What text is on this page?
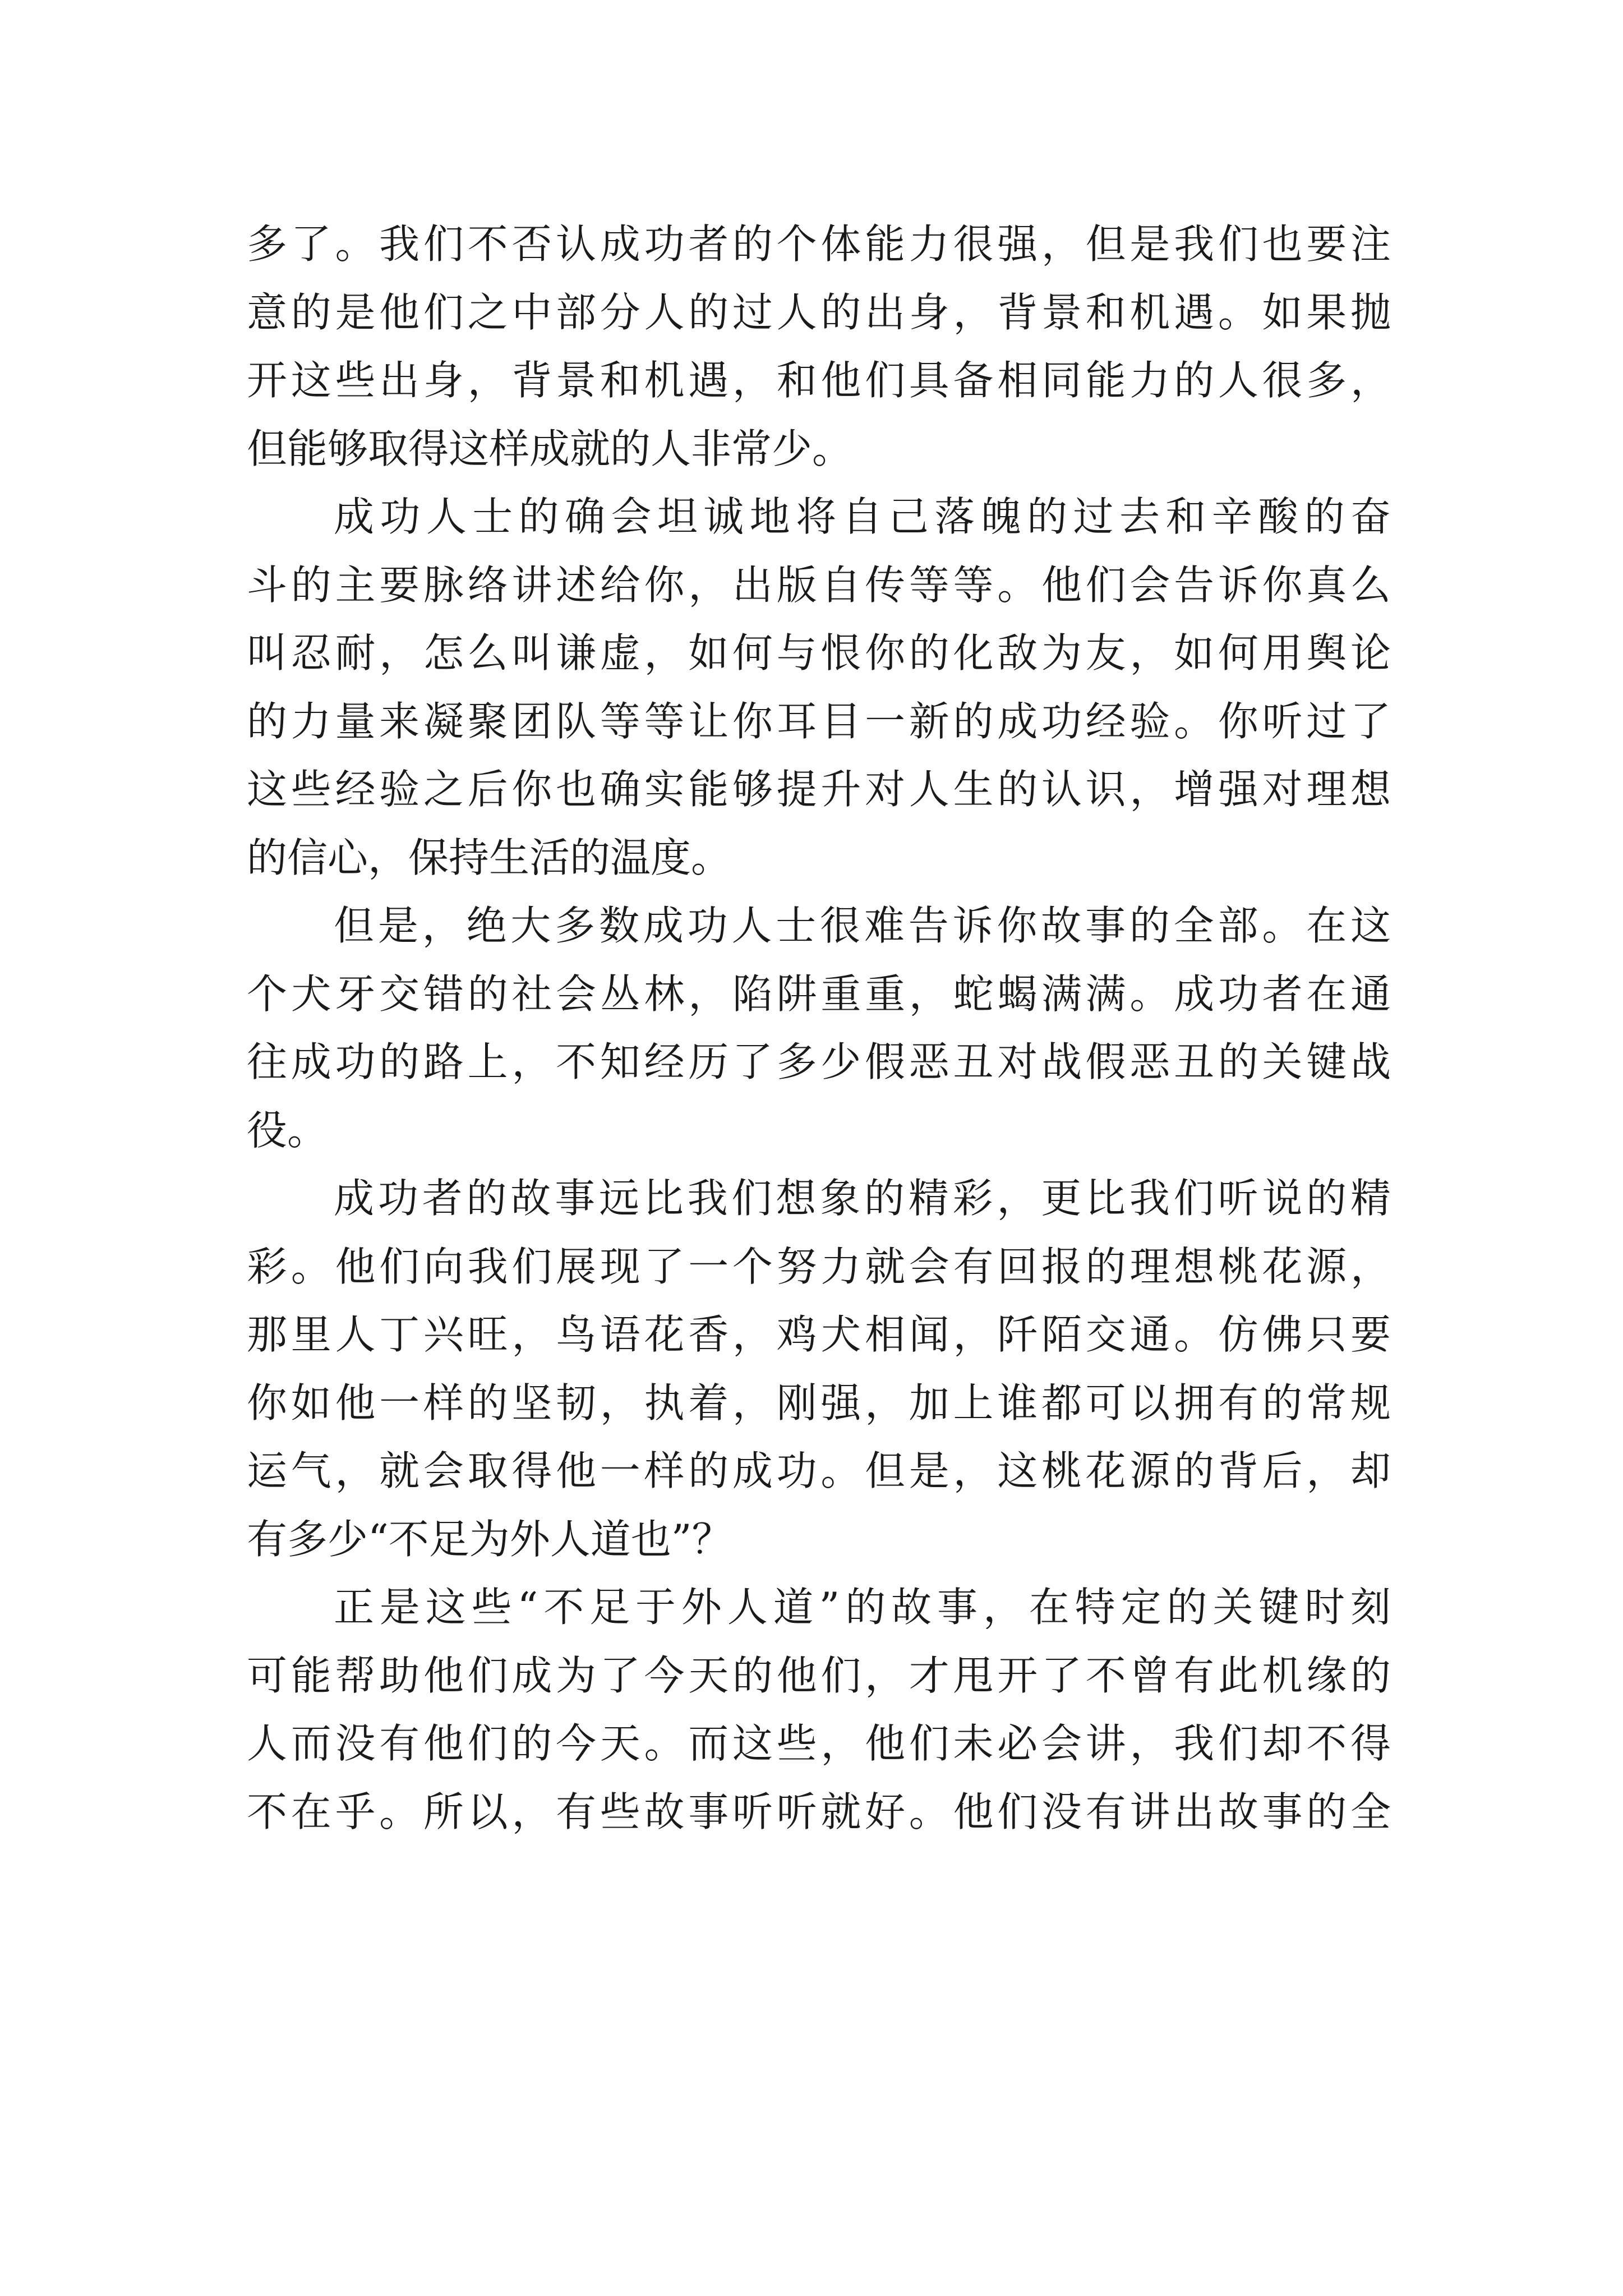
多了。我们不否认成功者的个体能力很强，但是我们也要注
意的是他们之中部分人的过人的出身，背景和机遇。如果抛
开这些出身，背景和机遇，和他们具备相同能力的人很多，
但能够取得这样成就的人非常少。
成功人士的确会坦诚地将自己落魄的过去和辛酸的奋
斗的主要脉络讲述给你，出版自传等等。他们会告诉你真么
叫忍耐，怎么叫谦虚，如何与恨你的化敌为友，如何用舆论
的力量来凝聚团队等等让你耳目一新的成功经验。你听过了
这些经验之后你也确实能够提升对人生的认识，增强对理想
的信心，保持生活的温度。
但是，绝大多数成功人士很难告诉你故事的全部。在这
个犬牙交错的社会丛林，陷阱重重，蛇蝎满满。成功者在通
往成功的路上，不知经历了多少假恶丑对战假恶丑的关键战
役。
成功者的故事远比我们想象的精彩，更比我们听说的精
彩。他们向我们展现了一个努力就会有回报的理想桃花源，
那里人丁兴旺，鸟语花香，鸡犬相闻，阡陌交通。仿佛只要
你如他一样的坚韧，执着，刚强，加上谁都可以拥有的常规
运气，就会取得他一样的成功。但是，这桃花源的背后，却
有多少“不足为外人道也”？
正是这些“不足于外人道”的故事，在特定的关键时刻
可能帮助他们成为了今天的他们，才甩开了不曾有此机缘的
人而没有他们的今天。而这些，他们未必会讲，我们却不得
不在乎。所以，有些故事听听就好。他们没有讲出故事的全
